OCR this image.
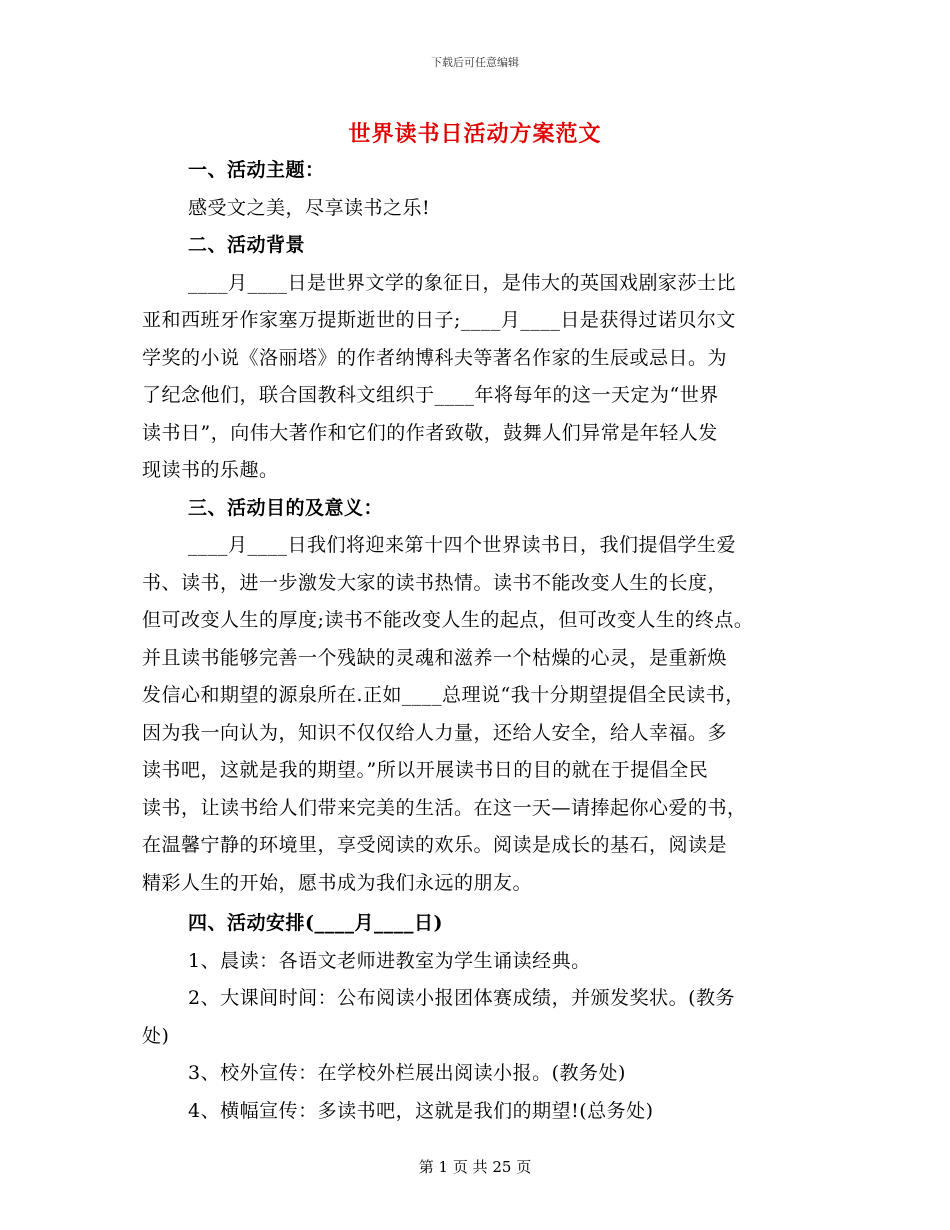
下载后可任意编辑
世界读书日活动方案范文
一、活动主题：
感受文之美，尽享读书之乐!
二、活动背景
____月____日是世界文学的象征日，是伟大的英国戏剧家莎士比
亚和西班牙作家塞万提斯逝世的日子;____月____日是获得过诺贝尔文
学奖的小说《洛丽塔》的作者纳博科夫等著名作家的生辰或忌日。为
了纪念他们，联合国教科文组织于____年将每年的这一天定为“世界
读书日”，向伟大著作和它们的作者致敬，鼓舞人们异常是年轻人发
现读书的乐趣。
三、活动目的及意义：
____月____日我们将迎来第十四个世界读书日，我们提倡学生爱
书、读书，进一步激发大家的读书热情。读书不能改变人生的长度，
但可改变人生的厚度;读书不能改变人生的起点，但可改变人生的终点。
并且读书能够完善一个残缺的灵魂和滋养一个枯燥的心灵，是重新焕
发信心和期望的源泉所在.正如____总理说“我十分期望提倡全民读书，
因为我一向认为，知识不仅仅给人力量，还给人安全，给人幸福。多
读书吧，这就是我的期望。”所以开展读书日的目的就在于提倡全民
读书，让读书给人们带来完美的生活。在这一天—请捧起你心爱的书，
在温馨宁静的环境里，享受阅读的欢乐。阅读是成长的基石，阅读是
精彩人生的开始，愿书成为我们永远的朋友。
四、活动安排(____月____日)
1、晨读：各语文老师进教室为学生诵读经典。
2、大课间时间：公布阅读小报团体赛成绩，并颁发奖状。(教务
处)
3、校外宣传：在学校外栏展出阅读小报。(教务处)
4、横幅宣传：多读书吧，这就是我们的期望!(总务处)
第 1 页 共 25 页
